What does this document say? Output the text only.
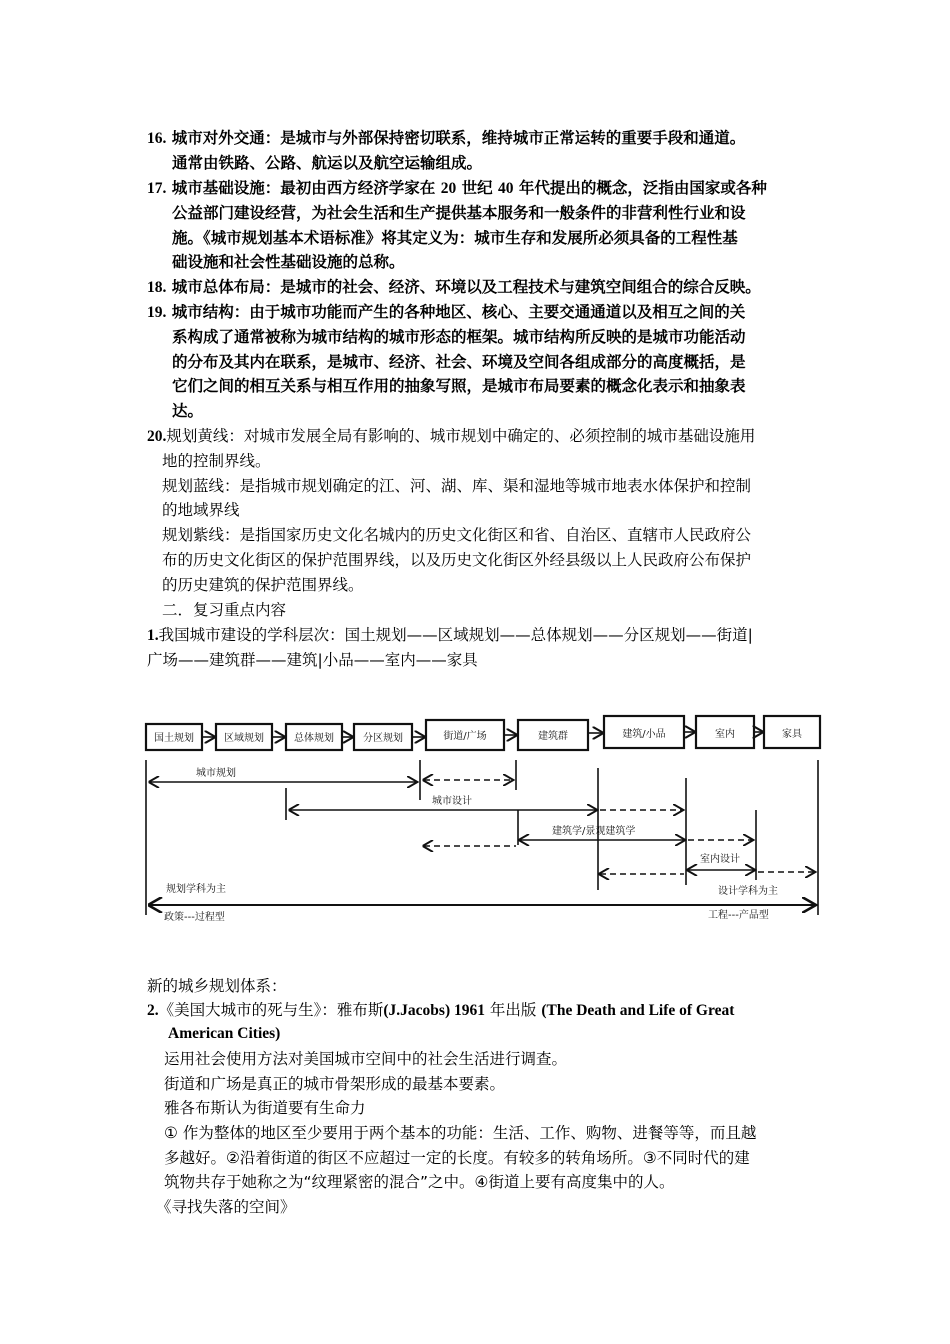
16. 城市对外交通：是城市与外部保持密切联系，维持城市正常运转的重要手段和通道。
通常由铁路、公路、航运以及航空运输组成。
17. 城市基础设施：最初由西方经济学家在 20 世纪 40 年代提出的概念，泛指由国家或各种
公益部门建设经营，为社会生活和生产提供基本服务和一般条件的非营利性行业和设
施。《城市规划基本术语标准》将其定义为：城市生存和发展所必须具备的工程性基
础设施和社会性基础设施的总称。
18. 城市总体布局：是城市的社会、经济、环境以及工程技术与建筑空间组合的综合反映。
19. 城市结构：由于城市功能而产生的各种地区、核心、主要交通通道以及相互之间的关
系构成了通常被称为城市结构的城市形态的框架。城市结构所反映的是城市功能活动
的分布及其内在联系，是城市、经济、社会、环境及空间各组成部分的高度概括，是
它们之间的相互关系与相互作用的抽象写照，是城市布局要素的概念化表示和抽象表
达。
20.规划黄线：对城市发展全局有影响的、城市规划中确定的、必须控制的城市基础设施用
地的控制界线。
规划蓝线：是指城市规划确定的江、河、湖、库、渠和湿地等城市地表水体保护和控制
的地域界线
规划紫线：是指国家历史文化名城内的历史文化街区和省、自治区、直辖市人民政府公
布的历史文化街区的保护范围界线，以及历史文化街区外经县级以上人民政府公布保护
的历史建筑的保护范围界线。
二．复习重点内容
1.我国城市建设的学科层次：国土规划——区域规划——总体规划——分区规划——街道|
广场——建筑群——建筑|小品——室内——家具
国土规划	区域规划	总体规划	分区规划	街道/广场	建筑群	建筑/小品	室内	家具
城市规划
城市设计
建筑学/景观建筑学
室内设计
规划学科为主	设计学科为主
政策---过程型	工程---产品型
新的城乡规划体系：
2.《美国大城市的死与生》：雅布斯(J.Jacobs) 1961 年出版 (The Death and Life of Great
American Cities)
运用社会使用方法对美国城市空间中的社会生活进行调查。
街道和广场是真正的城市骨架形成的最基本要素。
雅各布斯认为街道要有生命力
① 作为整体的地区至少要用于两个基本的功能：生活、工作、购物、进餐等等，而且越
多越好。②沿着街道的街区不应超过一定的长度。有较多的转角场所。③不同时代的建
筑物共存于她称之为“纹理紧密的混合”之中。④街道上要有高度集中的人。
《寻找失落的空间》
